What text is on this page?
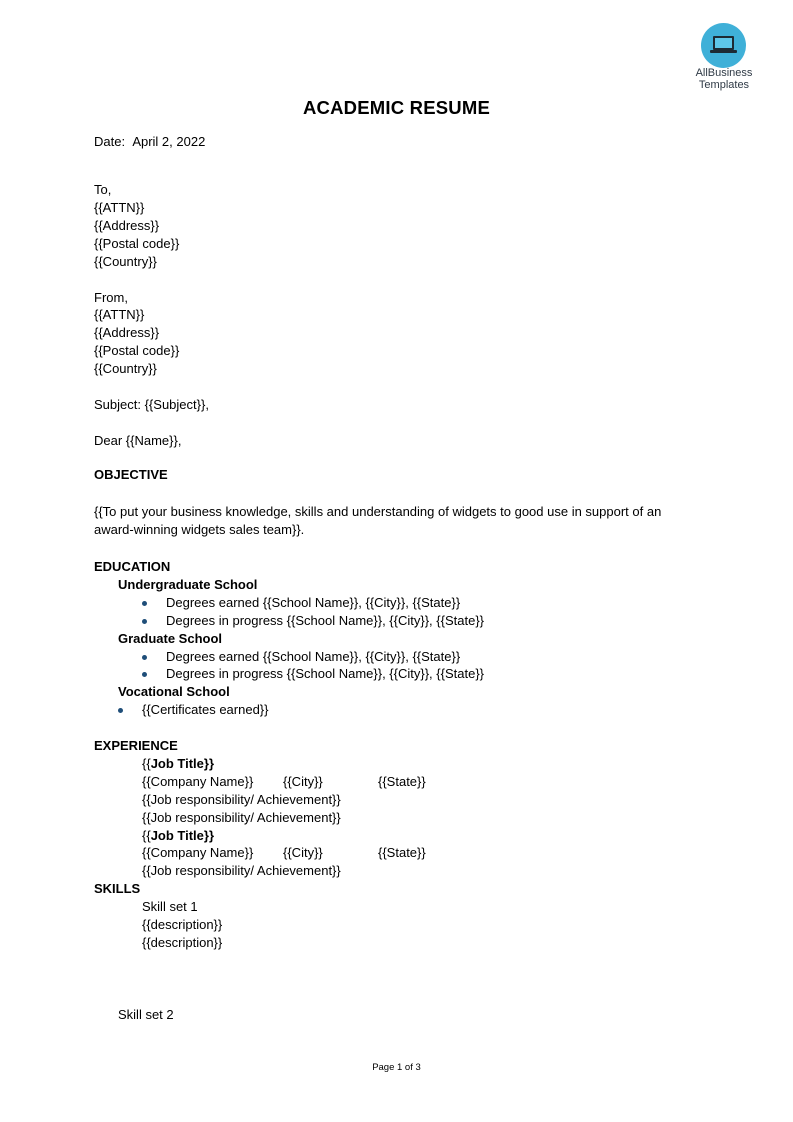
AllBusiness
Templates
ACADEMIC RESUME
Date: April 2, 2022
To,
{{ATTN}}
{{Address}}
{{Postal code}}
{{Country}}
From,
{{ATTN}}
{{Address}}
{{Postal code}}
{{Country}}
Subject: {{Subject}},
Dear {{Name}},
OBJECTIVE
{{To put your business knowledge, skills and understanding of widgets to good use in support of an
award-winning widgets sales team}}.
EDUCATION
Undergraduate School
Degrees earned {{School Name}}, {{City}}, {{State}}
Degrees in progress {{School Name}}, {{City}}, {{State}}
Graduate School
Degrees earned {{School Name}}, {{City}}, {{State}}
Degrees in progress {{School Name}}, {{City}}, {{State}}
Vocational School
{{Certificates earned}}
EXPERIENCE
{{Job Title}}
{{Company Name}} {{City}}	{{State}}
{{Job responsibility/ Achievement}}
{{Job responsibility/ Achievement}}
{{Job Title}}
{{Company Name}} {{City}}	{{State}}
{{Job responsibility/ Achievement}}
SKILLS
Skill set 1
{{description}}
{{description}}
Skill set 2
Page 1 of 3
